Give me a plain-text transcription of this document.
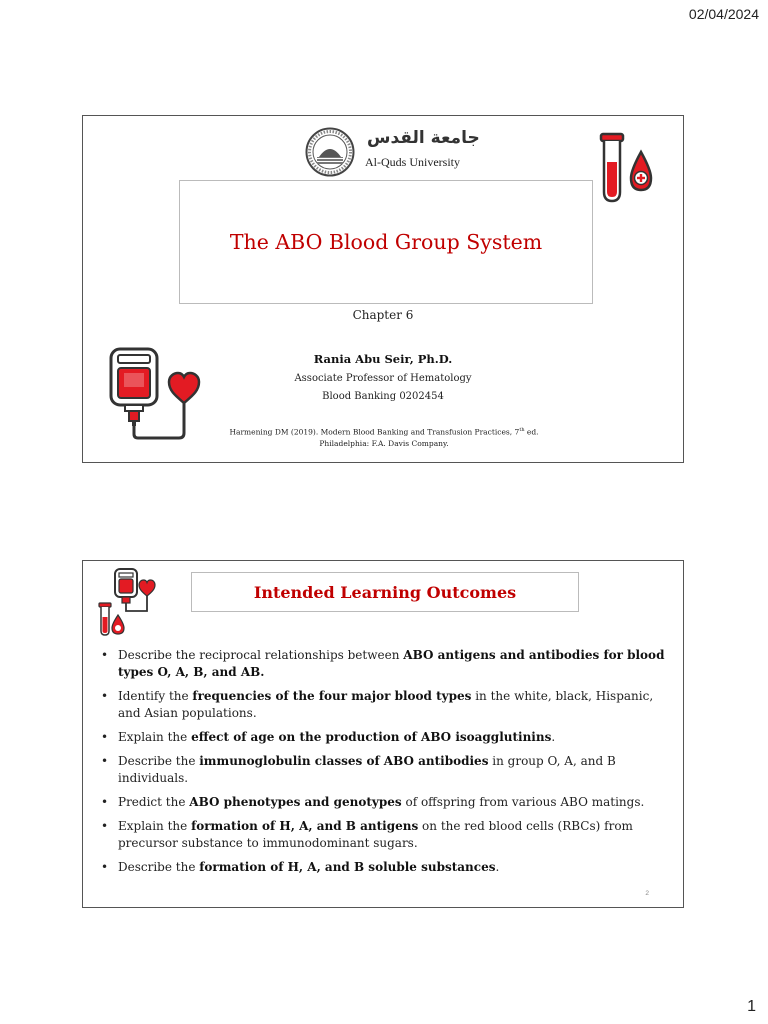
02/04/2024
جامعة القدس
Al-Quds University
The ABO Blood Group System
Chapter 6
Rania Abu Seir, Ph.D.
Associate Professor of Hematology
Blood Banking 0202454
Harmening DM (2019). Modern Blood Banking and Transfusion Practices, 7th ed.
Philadelphia: F.A. Davis Company.
Intended Learning Outcomes
• Describe the reciprocal relationships between ABO antigens and antibodies for blood types O, A, B, and AB.
• Identify the frequencies of the four major blood types in the white, black, Hispanic, and Asian populations.
• Explain the effect of age on the production of ABO isoagglutinins.
• Describe the immunoglobulin classes of ABO antibodies in group O, A, and B individuals.
• Predict the ABO phenotypes and genotypes of offspring from various ABO matings.
• Explain the formation of H, A, and B antigens on the red blood cells (RBCs) from precursor substance to immunodominant sugars.
• Describe the formation of H, A, and B soluble substances.
2
1
